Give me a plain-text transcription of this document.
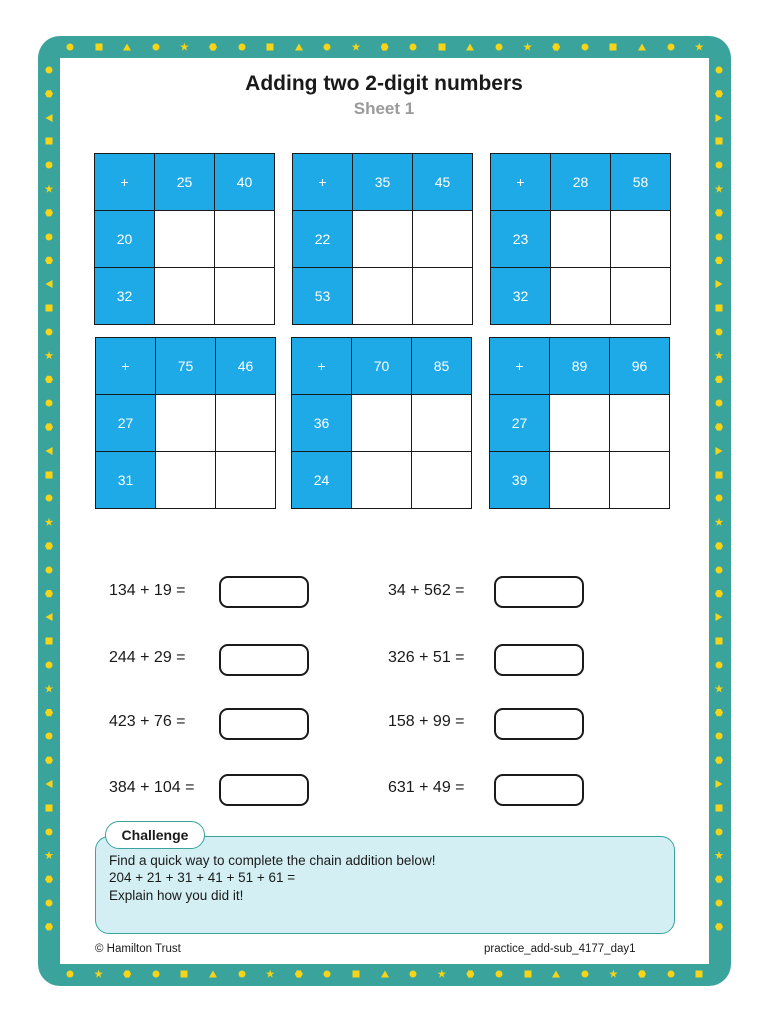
Adding two 2-digit numbers
Sheet 1
+	25	40
20		
32		
+	35	45
22		
53		
+	28	58
23		
32		
+	75	46
27		
31		
+	70	85
36		
24		
+	89	96
27		
39		
134 + 19 =
244 + 29 =
423 + 76 =
384 + 104 =
34 + 562 =
326 + 51 =
158 + 99 =
631 + 49 =
Challenge
Find a quick way to complete the chain addition below!
204 + 21 + 31 + 41 + 51 + 61 =
Explain how you did it!
© Hamilton Trust	practice_add-sub_4177_day1
